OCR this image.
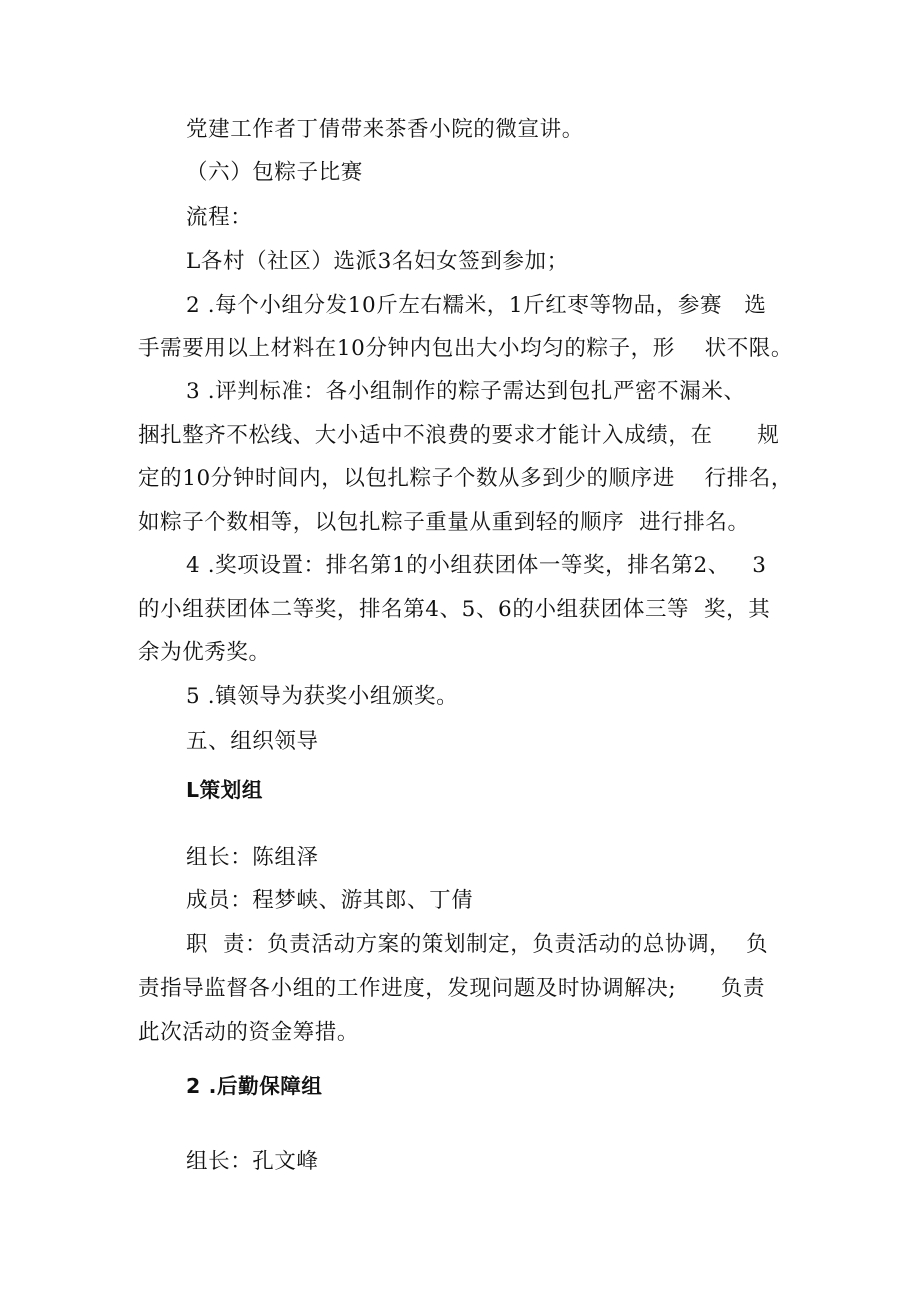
党建工作者丁倩带来茶香小院的微宣讲。

（六）包粽子比赛

流程：

L各村（社区）选派3名妇女签到参加；

2 .每个小组分发10斤左右糯米，1斤红枣等物品，参赛   选

手需要用以上材料在10分钟内包出大小均匀的粽子，形    状不限。

3 .评判标准：各小组制作的粽子需达到包扎严密不漏米、

捆扎整齐不松线、大小适中不浪费的要求才能计入成绩，在      规

定的10分钟时间内，以包扎粽子个数从多到少的顺序进    行排名，

如粽子个数相等，以包扎粽子重量从重到轻的顺序  进行排名。

4 .奖项设置：排名第1的小组获团体一等奖，排名第2、   3

的小组获团体二等奖，排名第4、5、6的小组获团体三等  奖，其

余为优秀奖。

5 .镇领导为获奖小组颁奖。

五、组织领导

L策划组

组长：陈组泽

成员：程梦峡、游其郎、丁倩

职  责：负责活动方案的策划制定，负责活动的总协调，  负

责指导监督各小组的工作进度，发现问题及时协调解决;      负责

此次活动的资金筹措。

2 .后勤保障组

组长：孔文峰
